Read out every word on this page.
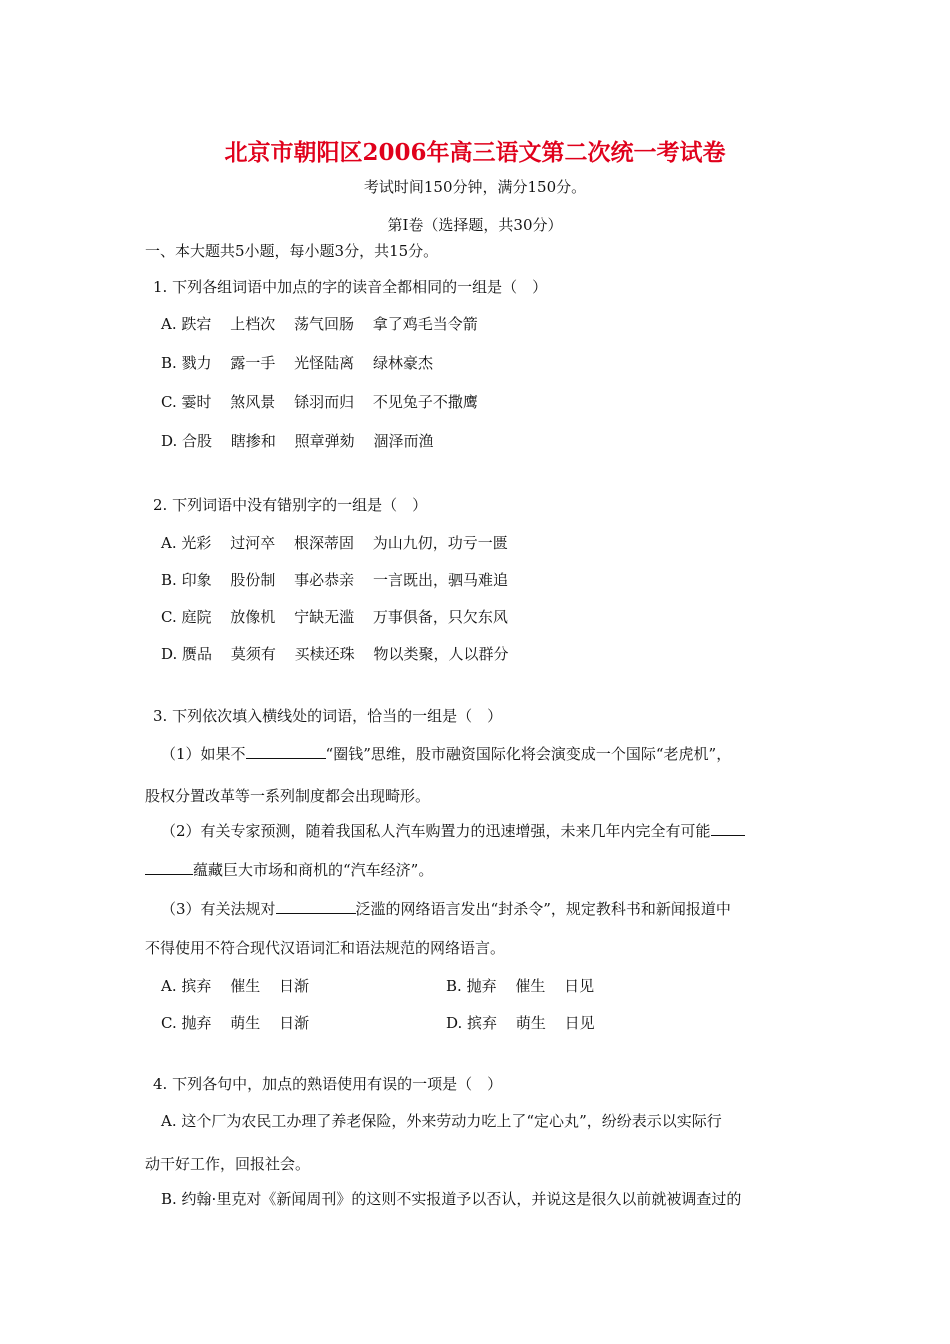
北京市朝阳区2006年高三语文第二次统一考试卷
考试时间150分钟，满分150分。
第I卷（选择题，共30分）
一、本大题共5小题，每小题3分，共15分。
1. 下列各组词语中加点的字的读音全都相同的一组是（　）
A. 跌宕 上档次 荡气回肠 拿了鸡毛当令箭
B. 戮力 露一手 光怪陆离 绿林豪杰
C. 霎时 煞风景 铩羽而归 不见兔子不撒鹰
D. 合股 瞎掺和 照章弹劾 涸泽而渔
2. 下列词语中没有错别字的一组是（　）
A. 光彩 过河卒 根深蒂固 为山九仞，功亏一匮
B. 印象 股份制 事必恭亲 一言既出，驷马难追
C. 庭院 放像机 宁缺无滥 万事俱备，只欠东风
D. 赝品 莫须有 买椟还珠 物以类聚，人以群分
3. 下列依次填入横线处的词语，恰当的一组是（　）
（1）如果不	“圈钱”思维，股市融资国际化将会演变成一个国际“老虎机”，
股权分置改革等一系列制度都会出现畸形。
（2）有关专家预测，随着我国私人汽车购置力的迅速增强，未来几年内完全有可能
蕴藏巨大市场和商机的“汽车经济”。
（3）有关法规对	泛滥的网络语言发出“封杀令”，规定教科书和新闻报道中
不得使用不符合现代汉语词汇和语法规范的网络语言。
A. 摈弃 催生 日渐	B. 抛弃 催生 日见
C. 抛弃 萌生 日渐	D. 摈弃 萌生 日见
4. 下列各句中，加点的熟语使用有误的一项是（　）
A. 这个厂为农民工办理了养老保险，外来劳动力吃上了“定心丸”，纷纷表示以实际行
动干好工作，回报社会。
B. 约翰·里克对《新闻周刊》的这则不实报道予以否认，并说这是很久以前就被调查过的
